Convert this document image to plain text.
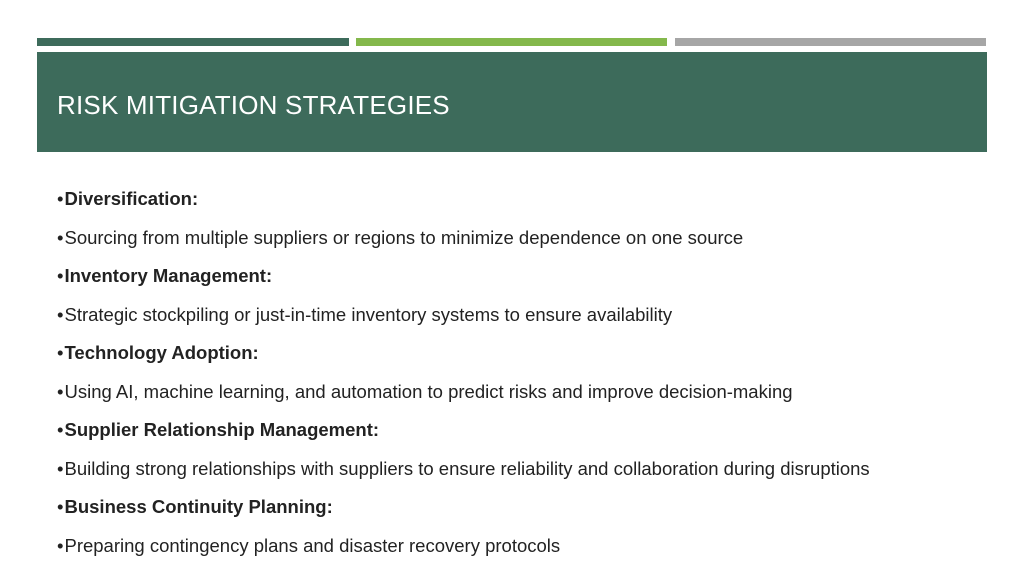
RISK MITIGATION STRATEGIES
• Diversification:
• Sourcing from multiple suppliers or regions to minimize dependence on one source
• Inventory Management:
• Strategic stockpiling or just-in-time inventory systems to ensure availability
• Technology Adoption:
• Using AI, machine learning, and automation to predict risks and improve decision-making
• Supplier Relationship Management:
• Building strong relationships with suppliers to ensure reliability and collaboration during disruptions
• Business Continuity Planning:
• Preparing contingency plans and disaster recovery protocols
